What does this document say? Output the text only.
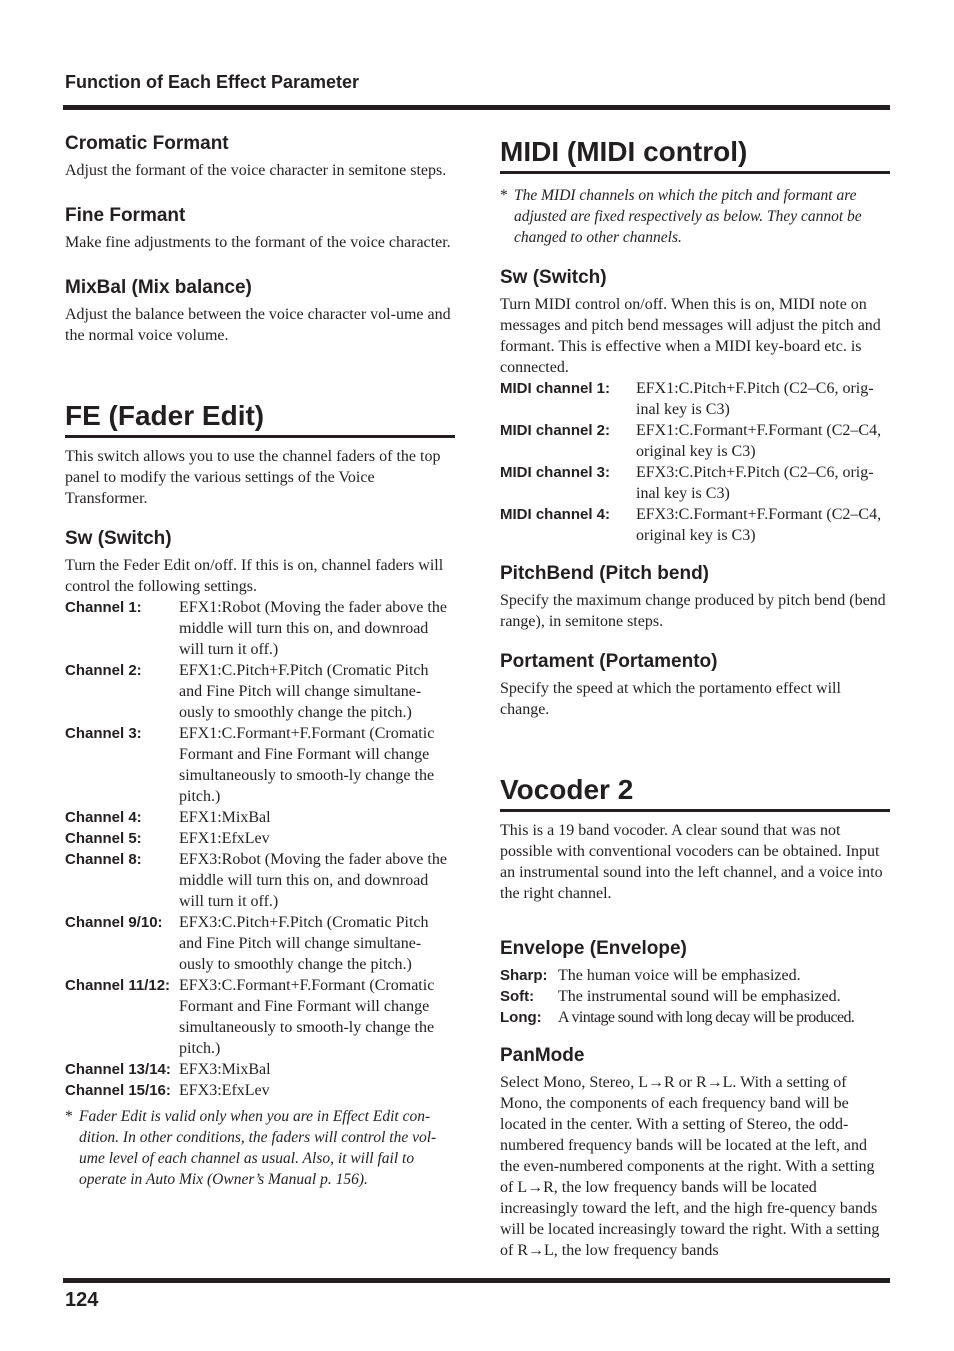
Function of Each Effect Parameter
Cromatic Formant

Adjust the formant of the voice character in semitone steps.

Fine Formant

Make fine adjustments to the formant of the voice character.

MixBal (Mix balance)

Adjust the balance between the voice character vol-ume and the normal voice volume.

FE (Fader Edit)

This switch allows you to use the channel faders of the top panel to modify the various settings of the Voice Transformer.

Sw (Switch)

Turn the Feder Edit on/off. If this is on, channel faders will control the following settings.

Channel 1:	EFX1:Robot (Moving the fader above the middle will turn this on, and downroad will turn it off.)
Channel 2:	EFX1:C.Pitch+F.Pitch (Cromatic Pitch and Fine Pitch will change simultane-ously to smoothly change the pitch.)
Channel 3:	EFX1:C.Formant+F.Formant (Cromatic Formant and Fine Formant will change simultaneously to smooth-ly change the pitch.)
Channel 4:	EFX1:MixBal
Channel 5:	EFX1:EfxLev
Channel 8:	EFX3:Robot (Moving the fader above the middle will turn this on, and downroad will turn it off.)
Channel 9/10:	EFX3:C.Pitch+F.Pitch (Cromatic Pitch and Fine Pitch will change simultane-ously to smoothly change the pitch.)
Channel 11/12: EFX3:C.Formant+F.Formant (Cromatic Formant and Fine Formant will change simultaneously to smooth-ly change the pitch.)
Channel 13/14: EFX3:MixBal
Channel 15/16: EFX3:EfxLev
* Fader Edit is valid only when you are in Effect Edit con-dition. In other conditions, the faders will control the vol-ume level of each channel as usual. Also, it will fail to operate in Auto Mix (Owner’s Manual p. 156).
MIDI (MIDI control)
* The MIDI channels on which the pitch and formant are adjusted are fixed respectively as below. They cannot be changed to other channels.
Sw (Switch)

Turn MIDI control on/off. When this is on, MIDI note on messages and pitch bend messages will adjust the pitch and formant. This is effective when a MIDI key-board etc. is connected.

MIDI channel 1:	EFX1:C.Pitch+F.Pitch (C2–C6, orig-inal key is C3)
MIDI channel 2:	EFX1:C.Formant+F.Formant (C2–C4, original key is C3)
MIDI channel 3:	EFX3:C.Pitch+F.Pitch (C2–C6, orig-inal key is C3)
MIDI channel 4:	EFX3:C.Formant+F.Formant (C2–C4, original key is C3)
PitchBend (Pitch bend)

Specify the maximum change produced by pitch bend (bend range), in semitone steps.

Portament (Portamento)

Specify the speed at which the portamento effect will change.

Vocoder 2

This is a 19 band vocoder. A clear sound that was not possible with conventional vocoders can be obtained. Input an instrumental sound into the left channel, and a voice into the right channel.

Envelope (Envelope)
Sharp: The human voice will be emphasized.
Soft:	The instrumental sound will be emphasized.
Long:	A vintage sound with long decay will be produced.
PanMode

Select Mono, Stereo, L→R or R→L. With a setting of Mono, the components of each frequency band will be located in the center. With a setting of Stereo, the odd-numbered frequency bands will be located at the left, and the even-numbered components at the right. With a setting of L→R, the low frequency bands will be located increasingly toward the left, and the high fre-quency bands will be located increasingly toward the right. With a setting of R→L, the low frequency bands

124
